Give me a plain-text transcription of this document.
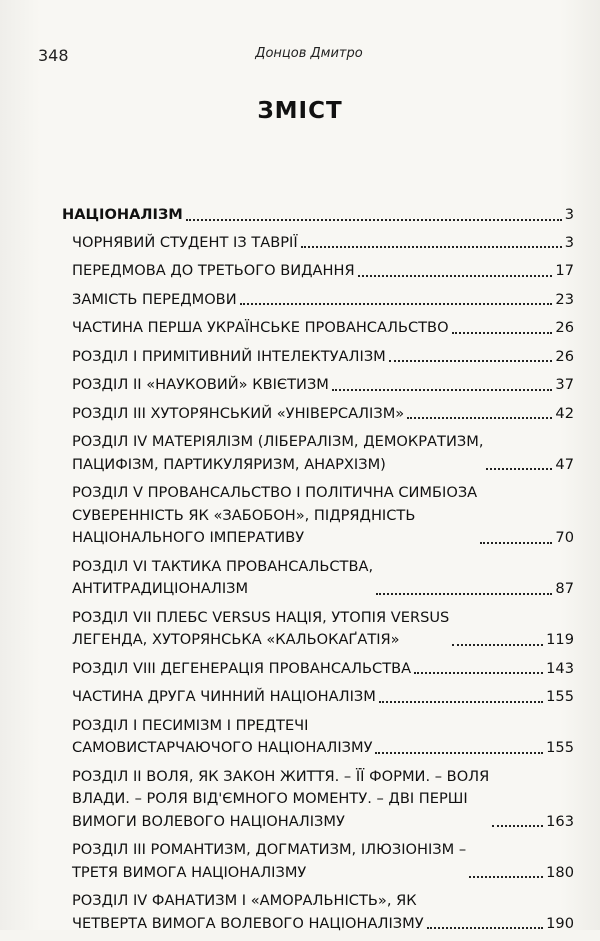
348	Донцов Дмитро
ЗМІСТ
НАЦІОНАЛІЗМ	3
ЧОРНЯВИЙ СТУДЕНТ ІЗ ТАВРІЇ	3
ПЕРЕДМОВА ДО ТРЕТЬОГО ВИДАННЯ	17
ЗАМІСТЬ ПЕРЕДМОВИ	23
ЧАСТИНА ПЕРША УКРАЇНСЬКЕ ПРОВАНСАЛЬСТВО	26
РОЗДІЛ І ПРИМІТИВНИЙ ІНТЕЛЕКТУАЛІЗМ	26
РОЗДІЛ ІІ «НАУКОВИЙ» КВІЄТИЗМ	37
РОЗДІЛ ІІІ ХУТОРЯНСЬКИЙ «УНІВЕРСАЛІЗМ»	42
РОЗДІЛ IV МАТЕРІЯЛІЗМ (ЛІБЕРАЛІЗМ, ДЕМОКРАТИЗМ,
ПАЦИФІЗМ, ПАРТИКУЛЯРИЗМ, АНАРХІЗМ)	47
РОЗДІЛ V ПРОВАНСАЛЬСТВО І ПОЛІТИЧНА СИМБІОЗА
СУВЕРЕННІСТЬ ЯК «ЗАБОБОН», ПІДРЯДНІСТЬ
НАЦІОНАЛЬНОГО ІМПЕРАТИВУ	70
РОЗДІЛ VI ТАКТИКА ПРОВАНСАЛЬСТВА,
АНТИТРАДИЦІОНАЛІЗМ	87
РОЗДІЛ VII ПЛЕБС VERSUS НАЦІЯ, УТОПІЯ VERSUS
ЛЕГЕНДА, ХУТОРЯНСЬКА «КАЛЬОКАҐАТІЯ»	119
РОЗДІЛ VIII ДЕГЕНЕРАЦІЯ ПРОВАНСАЛЬСТВА	143
ЧАСТИНА ДРУГА ЧИННИЙ НАЦІОНАЛІЗМ	155
РОЗДІЛ І ПЕСИМІЗМ І ПРЕДТЕЧІ
САМОВИСТАРЧАЮЧОГО НАЦІОНАЛІЗМУ	155
РОЗДІЛ ІІ ВОЛЯ, ЯК ЗАКОН ЖИТТЯ. – ЇЇ ФОРМИ. – ВОЛЯ
ВЛАДИ. – РОЛЯ ВІД'ЄМНОГО МОМЕНТУ. – ДВІ ПЕРШІ
ВИМОГИ ВОЛЕВОГО НАЦІОНАЛІЗМУ	163
РОЗДІЛ ІІІ РОМАНТИЗМ, ДОГМАТИЗМ, ІЛЮЗІОНІЗМ –
ТРЕТЯ ВИМОГА НАЦІОНАЛІЗМУ	180
РОЗДІЛ IV ФАНАТИЗМ І «АМОРАЛЬНІСТЬ», ЯК
ЧЕТВЕРТА ВИМОГА ВОЛЕВОГО НАЦІОНАЛІЗМУ	190
